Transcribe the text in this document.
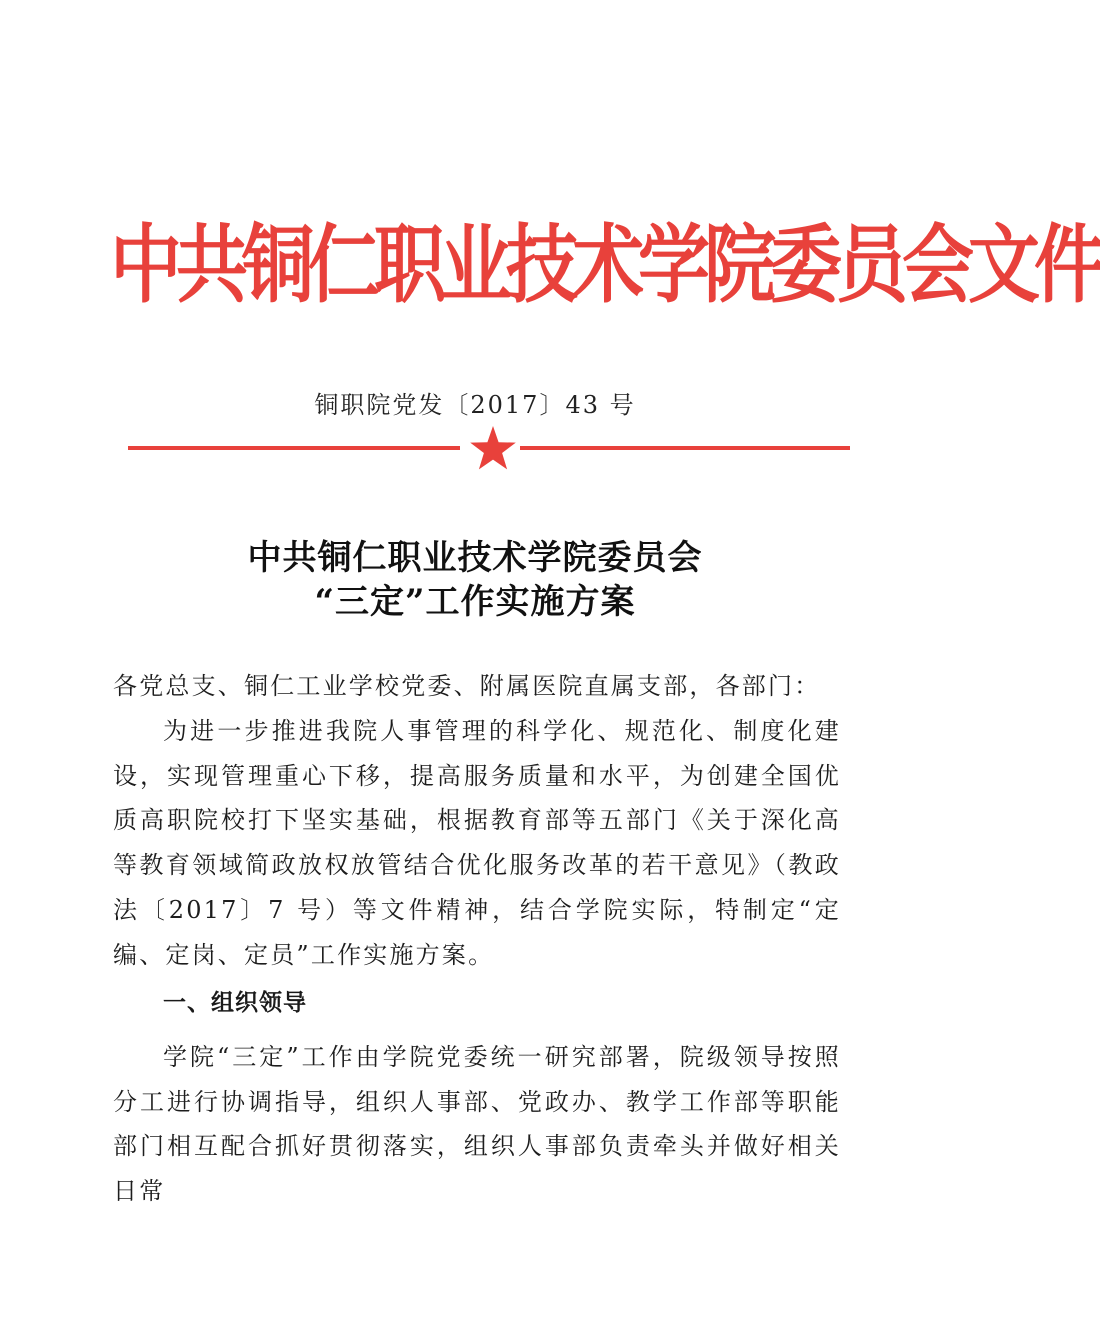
中共铜仁职业技术学院委员会文件
铜职院党发〔2017〕43 号
中共铜仁职业技术学院委员会
“三定”工作实施方案
各党总支、铜仁工业学校党委、附属医院直属支部，各部门：
为进一步推进我院人事管理的科学化、规范化、制度化建设，实现管理重心下移，提高服务质量和水平，为创建全国优质高职院校打下坚实基础，根据教育部等五部门《关于深化高等教育领域简政放权放管结合优化服务改革的若干意见》（教政法〔2017〕7 号）等文件精神，结合学院实际，特制定“定编、定岗、定员”工作实施方案。
一、组织领导
学院“三定”工作由学院党委统一研究部署，院级领导按照分工进行协调指导，组织人事部、党政办、教学工作部等职能部门相互配合抓好贯彻落实，组织人事部负责牵头并做好相关日常
